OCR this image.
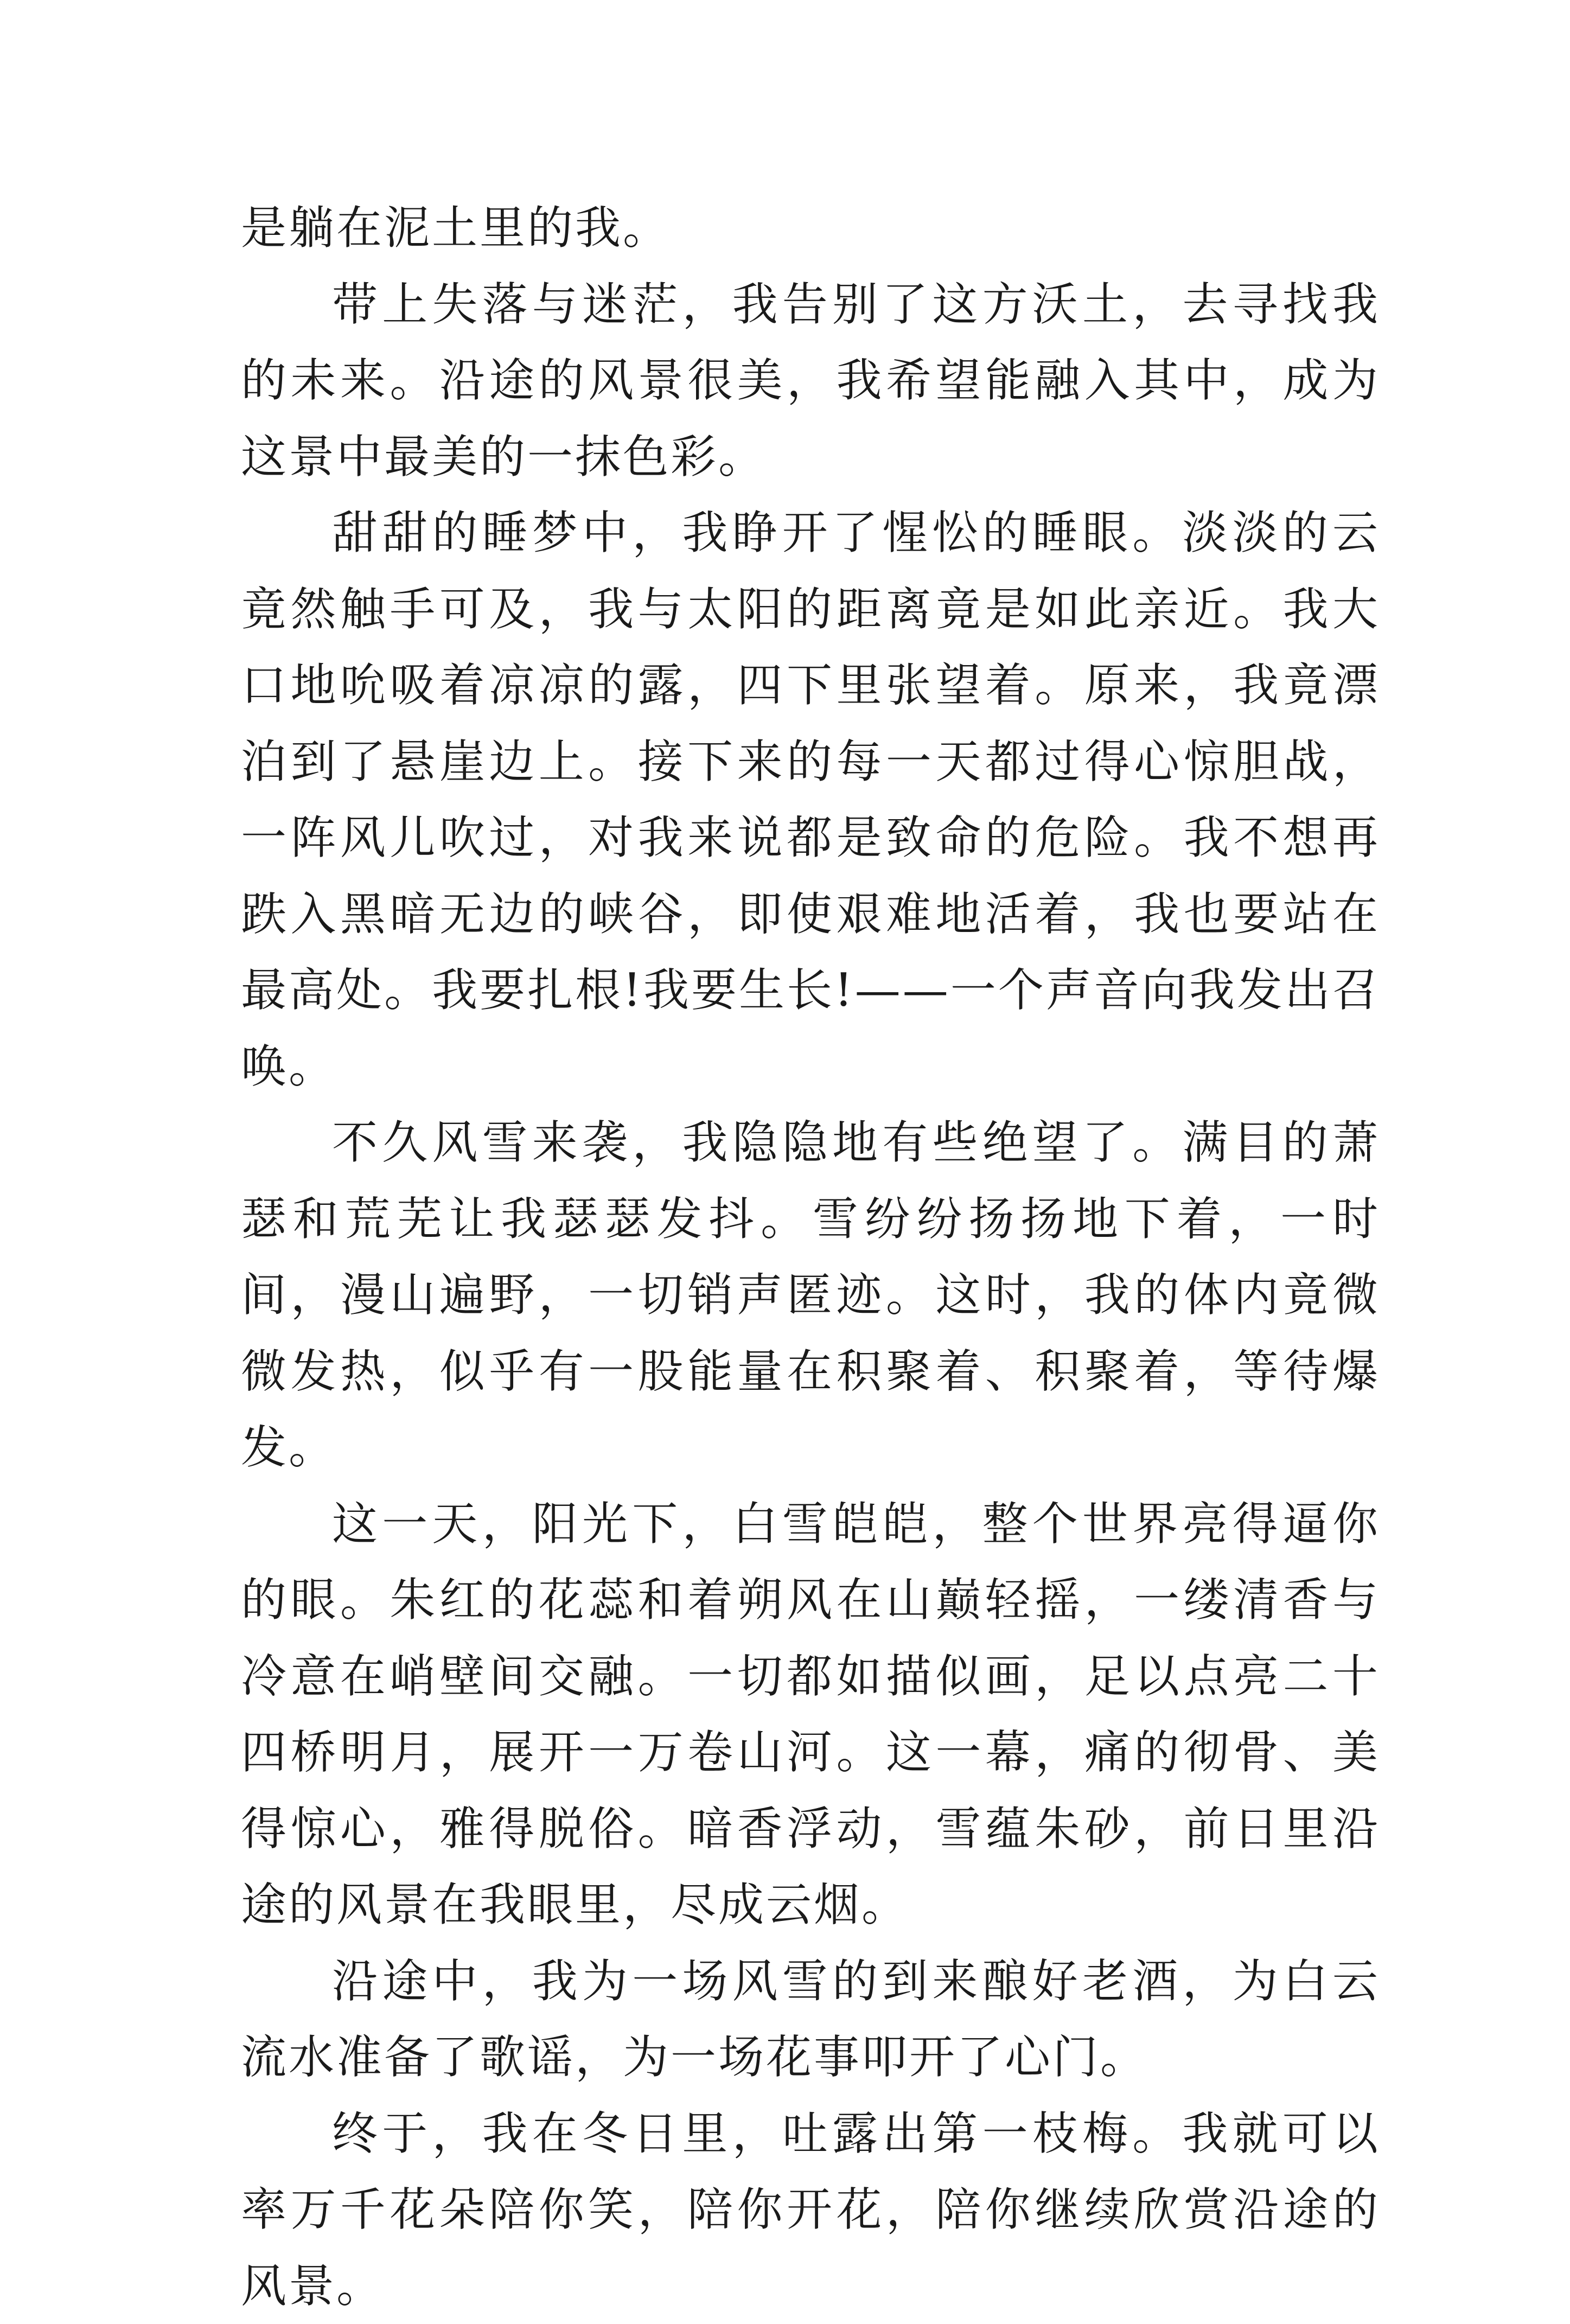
是躺在泥土里的我。

带上失落与迷茫，我告别了这方沃土，去寻找我的未来。沿途的风景很美，我希望能融入其中，成为这景中最美的一抹色彩。

甜甜的睡梦中，我睁开了惺忪的睡眼。淡淡的云竟然触手可及，我与太阳的距离竟是如此亲近。我大口地吮吸着凉凉的露，四下里张望着。原来，我竟漂泊到了悬崖边上。接下来的每一天都过得心惊胆战，一阵风儿吹过，对我来说都是致命的危险。我不想再跌入黑暗无边的峡谷，即使艰难地活着，我也要站在最高处。我要扎根!我要生长!——一个声音向我发出召唤。

不久风雪来袭，我隐隐地有些绝望了。满目的萧瑟和荒芜让我瑟瑟发抖。雪纷纷扬扬地下着，一时间，漫山遍野，一切销声匿迹。这时，我的体内竟微微发热，似乎有一股能量在积聚着、积聚着，等待爆发。

这一天，阳光下，白雪皑皑，整个世界亮得逼你的眼。朱红的花蕊和着朔风在山巅轻摇，一缕清香与冷意在峭壁间交融。一切都如描似画，足以点亮二十四桥明月，展开一万卷山河。这一幕，痛的彻骨、美得惊心，雅得脱俗。暗香浮动，雪蕴朱砂，前日里沿途的风景在我眼里，尽成云烟。

沿途中，我为一场风雪的到来酿好老酒，为白云流水准备了歌谣，为一场花事叩开了心门。

终于，我在冬日里，吐露出第一枝梅。我就可以率万千花朵陪你笑，陪你开花，陪你继续欣赏沿途的风景。
